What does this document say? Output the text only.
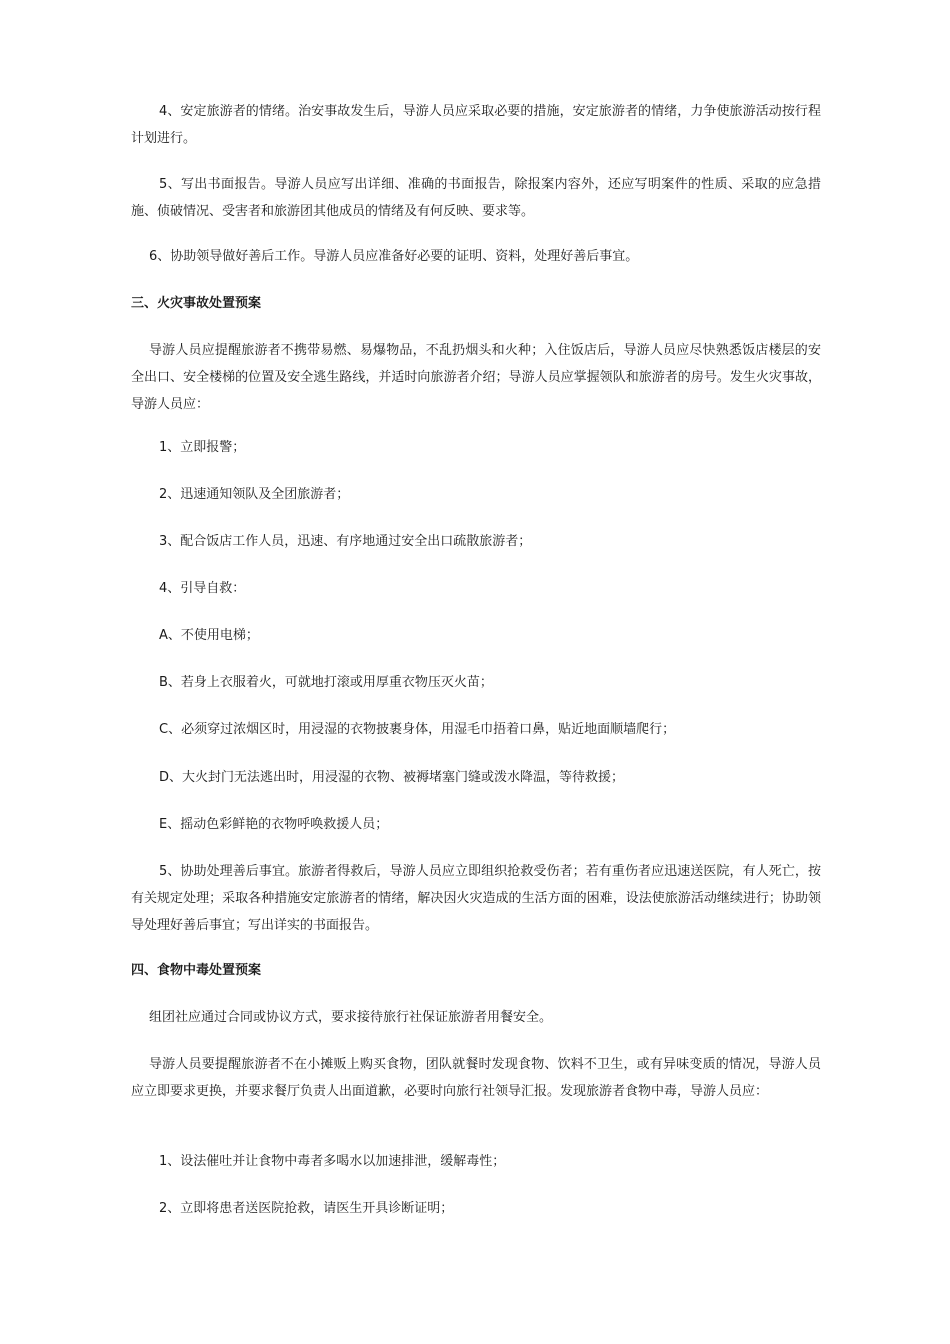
4、安定旅游者的情绪。治安事故发生后，导游人员应采取必要的措施，安定旅游者的情绪，力争使旅游活动按行程计划进行。

5、写出书面报告。导游人员应写出详细、准确的书面报告，除报案内容外，还应写明案件的性质、采取的应急措施、侦破情况、受害者和旅游团其他成员的情绪及有何反映、要求等。

6、协助领导做好善后工作。导游人员应准备好必要的证明、资料，处理好善后事宜。

三、火灾事故处置预案

导游人员应提醒旅游者不携带易燃、易爆物品，不乱扔烟头和火种；入住饭店后，导游人员应尽快熟悉饭店楼层的安全出口、安全楼梯的位置及安全逃生路线，并适时向旅游者介绍；导游人员应掌握领队和旅游者的房号。发生火灾事故，导游人员应：

1、立即报警；

2、迅速通知领队及全团旅游者；

3、配合饭店工作人员，迅速、有序地通过安全出口疏散旅游者；

4、引导自救：

A、不使用电梯；

B、若身上衣服着火，可就地打滚或用厚重衣物压灭火苗；

C、必须穿过浓烟区时，用浸湿的衣物披裹身体，用湿毛巾捂着口鼻，贴近地面顺墙爬行；

D、大火封门无法逃出时，用浸湿的衣物、被褥堵塞门缝或泼水降温，等待救援；

E、摇动色彩鲜艳的衣物呼唤救援人员；

5、协助处理善后事宜。旅游者得救后，导游人员应立即组织抢救受伤者；若有重伤者应迅速送医院，有人死亡，按有关规定处理；采取各种措施安定旅游者的情绪，解决因火灾造成的生活方面的困难，设法使旅游活动继续进行；协助领导处理好善后事宜；写出详实的书面报告。

四、食物中毒处置预案

组团社应通过合同或协议方式，要求接待旅行社保证旅游者用餐安全。

导游人员要提醒旅游者不在小摊贩上购买食物，团队就餐时发现食物、饮料不卫生，或有异味变质的情况，导游人员应立即要求更换，并要求餐厅负责人出面道歉，必要时向旅行社领导汇报。发现旅游者食物中毒，导游人员应：

1、设法催吐并让食物中毒者多喝水以加速排泄，缓解毒性；

2、立即将患者送医院抢救，请医生开具诊断证明；
